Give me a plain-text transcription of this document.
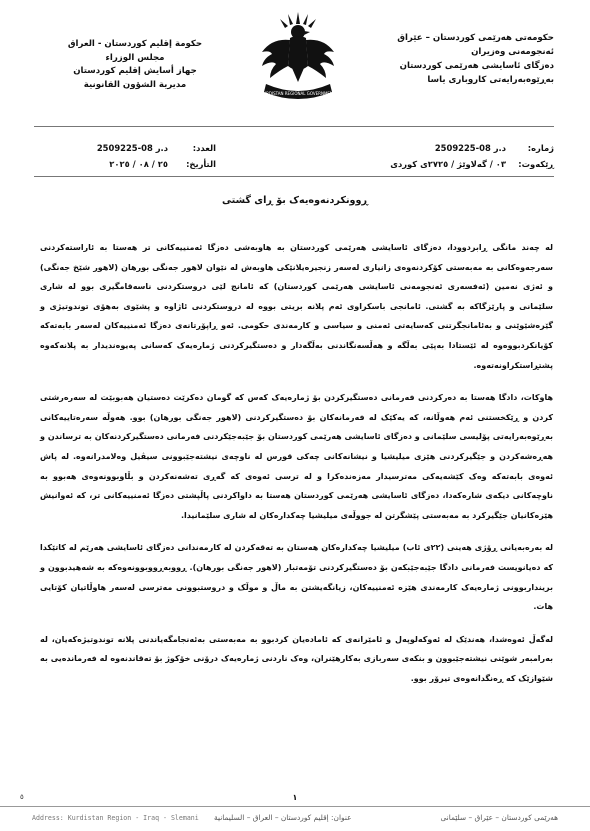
حکومەتی هەرێمی کوردستان – عێراق
ئەنجومەنی وەزیران
دەزگای ئاسایشی هەرێمی کوردستان
بەڕێوەبەرایەتی کاروباری یاسا
KURDISTAN REGIONAL GOVERNMENT
حكومة إقليم كوردستان - العراق
مجلس الوزراء
جهاز أسايش إقليم كوردستان
مديرية الشؤون القانونية
ژمارە:
د.ر 08-2509225
ڕێکەوت:
٠٣ / گەلاوێژ / ٢٧٢٥ی کوردی
العدد:
د.ر 08-2509225
التأريخ:
٢٥ / ٠٨ / ٢٠٢٥
ڕوونکردنەوەیەک بۆ ڕای گشتی

لە چەند مانگی ڕابردوودا، دەزگای ئاسایشی هەرێمی کوردستان بە هاوبەشی دەزگا ئەمنییەکانی تر هەستا بە ئاراستەکردنی سەرجەوەکانی بە مەبەستی کۆکردنەوەی زانیاری لەسەر زنجیرەیلانێکی هاوبەش لە نێوان لاهور جەنگی بورهان (لاهور شێخ جەنگی) و ئەژی نەمین (ئەفسەری ئەنجومەنی ئاسایشی هەرێمی کوردستان) کە ئامانج لێی دروستکردنی ناسەقامگیری بوو لە شاری سلێمانی و پارێزگاکە بە گشتی. ئامانجی باسکراوی ئەم پلانە بریتی بووە لە دروستکردنی ئاژاوە و پشێوی بەهۆی توندوتیژی و گێرەشێوێنی و بەئامانجگرتنی کەسایەتی ئەمنی و سیاسی و کارمەندی حکومی. ئەو ڕاپۆرتانەی دەزگا ئەمنییەکان لەسەر بابەتەکە کۆیانکردبووەوە لە ئێستادا بەپێی بەڵگە و هەڵسەنگاندنی بەڵگەدار و دەستگیرکردنی ژمارەیەک کەسانی پەیوەندیدار بە پلانەکەوە پشتڕاستکراونەتەوە.

هاوکات، دادگا هەستا بە دەرکردنی فەرمانی دەستگیرکردن بۆ ژمارەیەک کەس کە گومان دەکرێت دەستیان هەبوبێت لە سەرەرشتی کردن و ڕێکخستنی ئەم هەوڵانە، کە یەکێک لە فەرمانەکان بۆ دەستگیرکردنی (لاهور جەنگی بورهان) بوو. هەوڵە سەرەتاییەکانی بەڕێوەبەرایەتی پۆلیسی سلێمانی و دەزگای ئاسایشی هەرێمی کوردستان بۆ جێبەجێکردنی فەرمانی دەستگیرکردنەکان بە ترساندن و هەڕەشەکردن و جێگیرکردنی هێزی میلیشیا و نیشانەکانی چەکی قورس لە ناوچەی نیشتەجێبوونی سیڤیل وەلامدرانەوە. لە پاش ئەوەی بابەتەکە وەک کێشەیەکی مەترسیدار مەزەندەکرا و لە ترسی ئەوەی کە گەڕی تەشەنەکردن و بڵاوبوونەوەی هەبوو بە ناوچەکانی دیکەی شارەکەدا، دەزگای ئاسایشی هەرێمی کوردستان هەستا بە داواکردنی پاڵپشتی دەزگا ئەمنییەکانی تر، کە ئەوانیش هێزەکانیان جێگیرکرد بە مەبەستی پێشگرتن لە جووڵەی میلیشیا چەکدارەکان لە شاری سلێمانیدا.

لە بەرەبەیانی ڕۆژی هەینی (٢٢ی ئاب) میلیشیا چەکدارەکان هەستان بە تەقەکردن لە کارمەندانی دەزگای ئاسایشی هەرێم لە کاتێکدا کە دەیانویست فەرمانی دادگا جێبەجێبکەن بۆ دەستگیرکردنی تۆمەتبار (لاهور جەنگی بورهان). ڕووبەڕووبوونەوەکە بە شەهیدبوون و برینداربوونی ژمارەیەک کارمەندی هێزە ئەمنییەکان، زیانگەیشتن بە ماڵ و موڵک و دروستبوونی مەترسی لەسەر هاوڵاتیان کۆتایی هات.

لەگەڵ ئەوەشدا، هەندێک لە ئەوکەلوپەل و ئامێرانەی کە ئامادەیان کردبوو بە مەبەستی بەئەنجامگەیاندنی پلانە توندوتیژەکەیان، لە بەرامبەر شوێنی نیشتەجێبوون و بنکەی سەربازی بەکارهێنران، وەک ناردنی ژمارەیەک درۆنی خۆکوژ بۆ تەقاندنەوە لە فەرماندەیی بە شێوازێک کە ڕەنگدانەوەی تیرۆر بوو.

١
٥
هەرێمی کوردستان – عێراق – سلێمانی
عنوان: إقليم كوردستان – العراق – السليمانية
Address: Kurdistan Region - Iraq - Slemani
